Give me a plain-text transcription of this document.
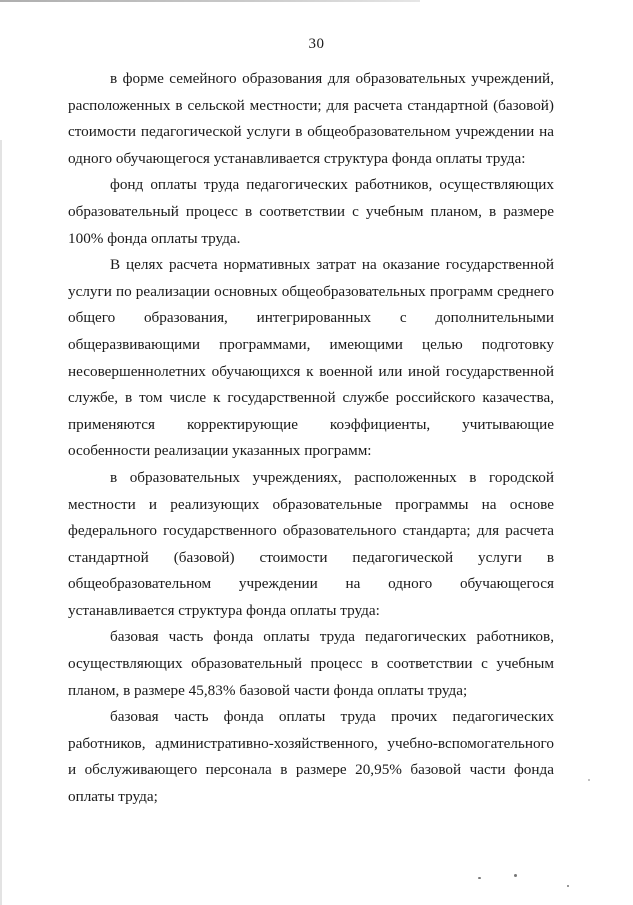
30

в форме семейного образования для образовательных учреждений, расположенных в сельской местности; для расчета стандартной (базовой) стоимости педагогической услуги в общеобразовательном учреждении на одного обучающегося устанавливается структура фонда оплаты труда:

фонд оплаты труда педагогических работников, осуществляющих образовательный процесс в соответствии с учебным планом, в размере 100% фонда оплаты труда.

В целях расчета нормативных затрат на оказание государственной услуги по реализации основных общеобразовательных программ среднего общего образования, интегрированных с дополнительными общеразвивающими программами, имеющими целью подготовку несовершеннолетних обучающихся к военной или иной государственной службе, в том числе к государственной службе российского казачества, применяются корректирующие коэффициенты, учитывающие особенности реализации указанных программ:

в образовательных учреждениях, расположенных в городской местности и реализующих образовательные программы на основе федерального государственного образовательного стандарта; для расчета стандартной (базовой) стоимости педагогической услуги в общеобразовательном учреждении на одного обучающегося устанавливается структура фонда оплаты труда:

базовая часть фонда оплаты труда педагогических работников, осуществляющих образовательный процесс в соответствии с учебным планом, в размере 45,83% базовой части фонда оплаты труда;

базовая часть фонда оплаты труда прочих педагогических работников, административно-хозяйственного, учебно-вспомогательного и обслуживающего персонала в размере 20,95% базовой части фонда оплаты труда;
